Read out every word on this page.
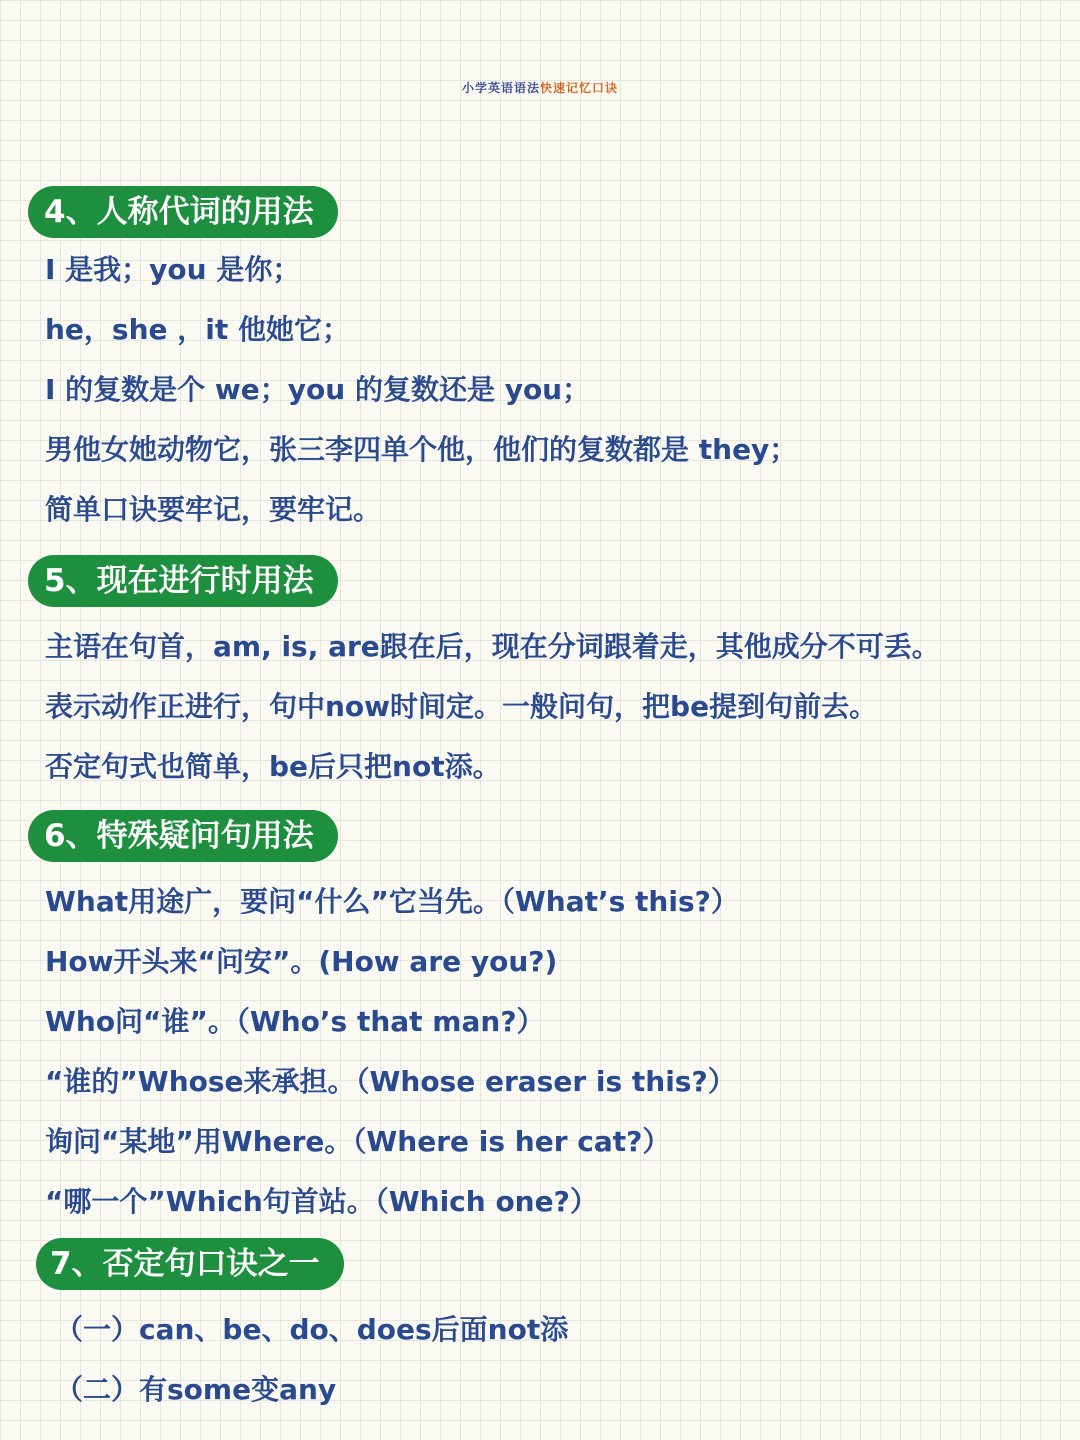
小学英语语法快速记忆口诀
4、人称代词的用法
I 是我；you 是你；
he，she ，it 他她它；
I 的复数是个 we；you 的复数还是 you；
男他女她动物它，张三李四单个他，他们的复数都是 they；
简单口诀要牢记，要牢记。
5、现在进行时用法
主语在句首，am, is, are跟在后，现在分词跟着走，其他成分不可丢。
表示动作正进行，句中now时间定。一般问句，把be提到句前去。
否定句式也简单，be后只把not添。
6、特殊疑问句用法
What用途广，要问“什么”它当先。（What’s this?）
How开头来“问安”。(How are you?)
Who问“谁”。（Who’s that man?）
“谁的”Whose来承担。（Whose eraser is this?）
询问“某地”用Where。（Where is her cat?）
“哪一个”Which句首站。（Which one?）
7、否定句口诀之一
（一）can、be、do、does后面not添
（二）有some变any
